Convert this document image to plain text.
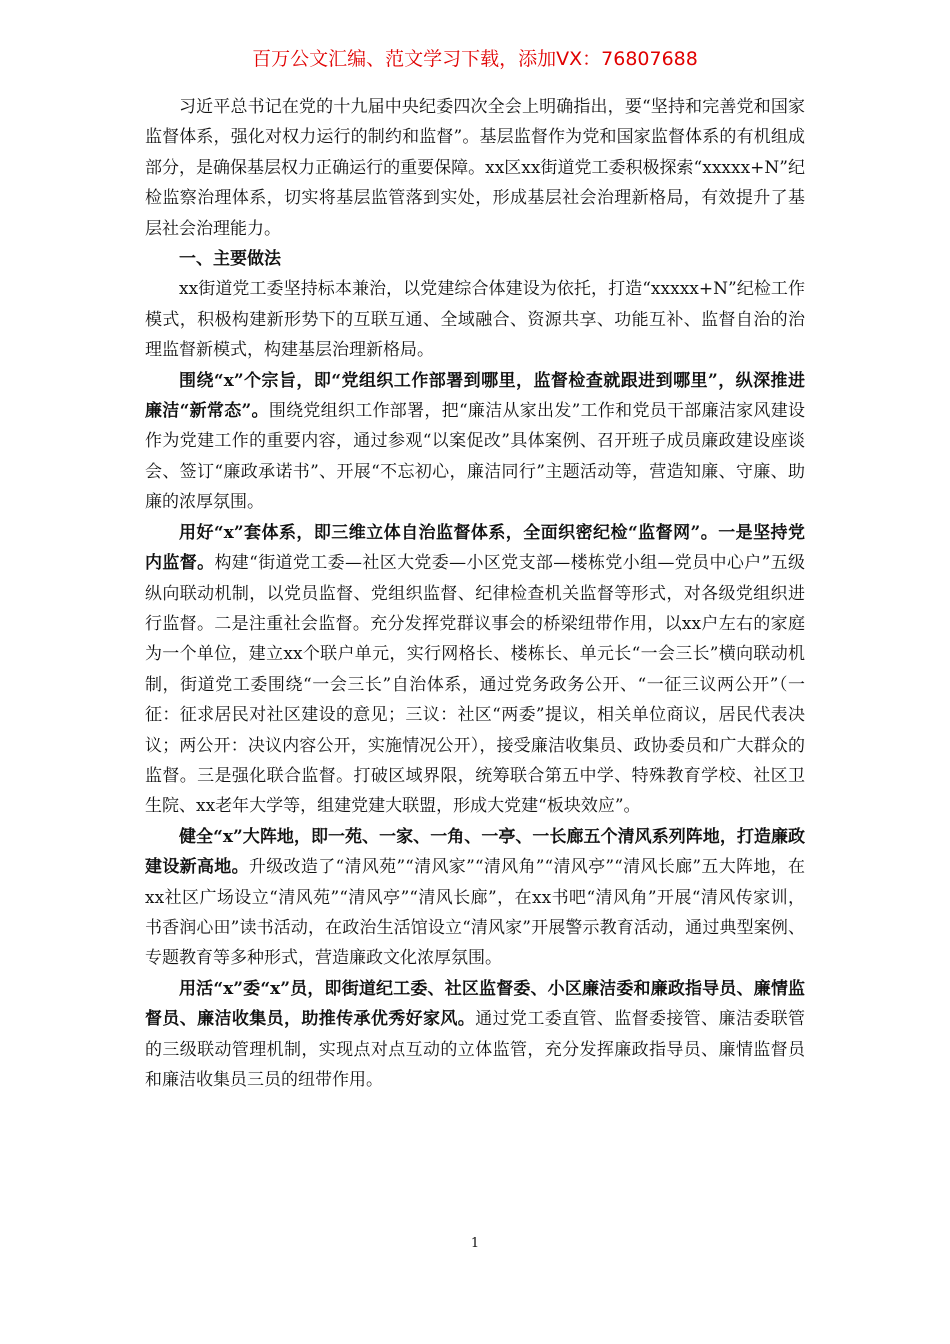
百万公文汇编、范文学习下载，添加VX：76807688

习近平总书记在党的十九届中央纪委四次全会上明确指出，要“坚持和完善党和国家监督体系，强化对权力运行的制约和监督”。基层监督作为党和国家监督体系的有机组成部分，是确保基层权力正确运行的重要保障。xx区xx街道党工委积极探索“xxxxx+N”纪检监察治理体系，切实将基层监管落到实处，形成基层社会治理新格局，有效提升了基层社会治理能力。

一、主要做法

xx街道党工委坚持标本兼治，以党建综合体建设为依托，打造“xxxxx+N”纪检工作模式，积极构建新形势下的互联互通、全域融合、资源共享、功能互补、监督自治的治理监督新模式，构建基层治理新格局。

围绕“x”个宗旨，即“党组织工作部署到哪里，监督检查就跟进到哪里”，纵深推进廉洁“新常态”。围绕党组织工作部署，把“廉洁从家出发”工作和党员干部廉洁家风建设作为党建工作的重要内容，通过参观“以案促改”具体案例、召开班子成员廉政建设座谈会、签订“廉政承诺书”、开展“不忘初心，廉洁同行”主题活动等，营造知廉、守廉、助廉的浓厚氛围。

用好“x”套体系，即三维立体自治监督体系，全面织密纪检“监督网”。一是坚持党内监督。构建“街道党工委—社区大党委—小区党支部—楼栋党小组—党员中心户”五级纵向联动机制，以党员监督、党组织监督、纪律检查机关监督等形式，对各级党组织进行监督。二是注重社会监督。充分发挥党群议事会的桥梁纽带作用，以xx户左右的家庭为一个单位，建立xx个联户单元，实行网格长、楼栋长、单元长“一会三长”横向联动机制，街道党工委围绕“一会三长”自治体系，通过党务政务公开、“一征三议两公开”（一征：征求居民对社区建设的意见；三议：社区“两委”提议，相关单位商议，居民代表决议；两公开：决议内容公开，实施情况公开），接受廉洁收集员、政协委员和广大群众的监督。三是强化联合监督。打破区域界限，统筹联合第五中学、特殊教育学校、社区卫生院、xx老年大学等，组建党建大联盟，形成大党建“板块效应”。

健全“x”大阵地，即一苑、一家、一角、一亭、一长廊五个清风系列阵地，打造廉政建设新高地。升级改造了“清风苑”“清风家”“清风角”“清风亭”“清风长廊”五大阵地，在xx社区广场设立“清风苑”“清风亭”“清风长廊”，在xx书吧“清风角”开展“清风传家训，书香润心田”读书活动，在政治生活馆设立“清风家”开展警示教育活动，通过典型案例、专题教育等多种形式，营造廉政文化浓厚氛围。

用活“x”委“x”员，即街道纪工委、社区监督委、小区廉洁委和廉政指导员、廉情监督员、廉洁收集员，助推传承优秀好家风。通过党工委直管、监督委接管、廉洁委联管的三级联动管理机制，实现点对点互动的立体监管，充分发挥廉政指导员、廉情监督员和廉洁收集员三员的纽带作用。

1
